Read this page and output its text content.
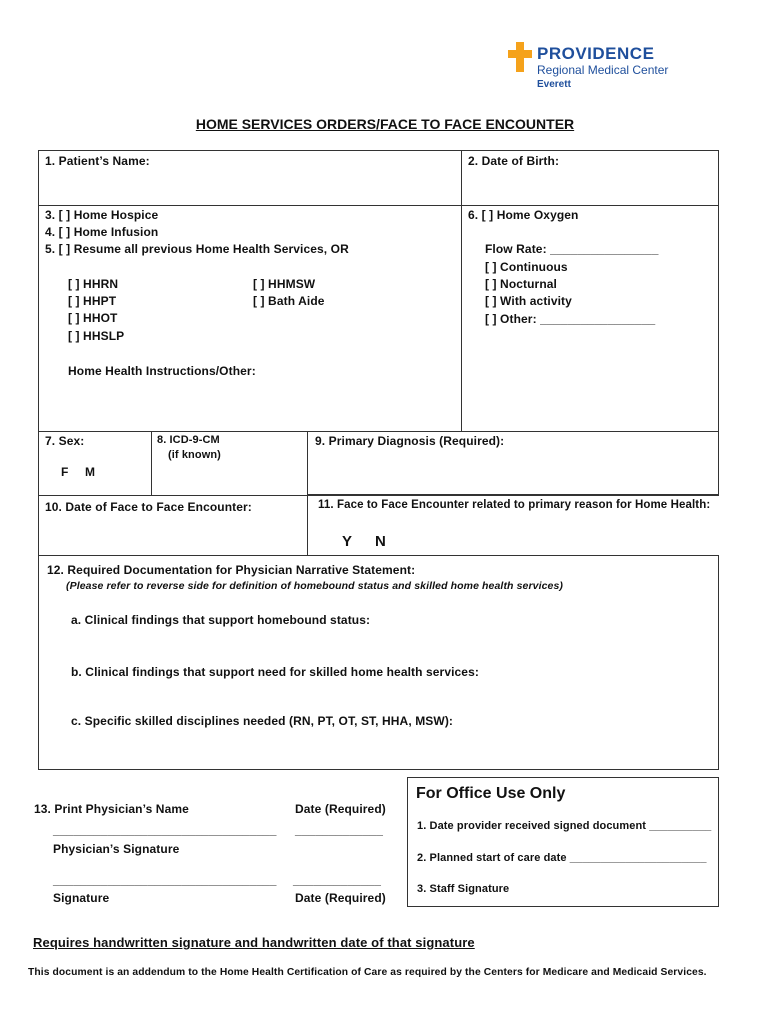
PROVIDENCE
Regional Medical Center
Everett
HOME SERVICES ORDERS/FACE TO FACE ENCOUNTER
1. Patient’s Name:	2. Date of Birth:
3. [ ] Home Hospice
4. [ ] Home Infusion
5. [ ] Resume all previous Home Health Services, OR
[ ] HHRN
[ ] HHPT
[ ] HHOT
[ ] HHSLP
[ ] HHMSW
[ ] Bath Aide
Home Health Instructions/Other:
6. [ ] Home Oxygen
Flow Rate: ________________
[ ] Continuous
[ ] Nocturnal
[ ] With activity
[ ] Other: _________________
7. Sex:
F M
8. ICD-9-CM
(if known)
9. Primary Diagnosis (Required):
10. Date of Face to Face Encounter:	11. Face to Face Encounter related to primary reason for Home Health:
Y N
12. Required Documentation for Physician Narrative Statement:
(Please refer to reverse side for definition of homebound status and skilled home health services)
a. Clinical findings that support homebound status:
b. Clinical findings that support need for skilled home health services:
c. Specific skilled disciplines needed (RN, PT, OT, ST, HHA, MSW):
13. Print Physician’s Name	Date (Required)
_________________________________ _____________
Physician’s Signature
_________________________________ _____________
Signature	Date (Required)
For Office Use Only
1. Date provider received signed document __________
2. Planned start of care date ______________________
3. Staff Signature
Requires handwritten signature and handwritten date of that signature
This document is an addendum to the Home Health Certification of Care as required by the Centers for Medicare and Medicaid Services.
